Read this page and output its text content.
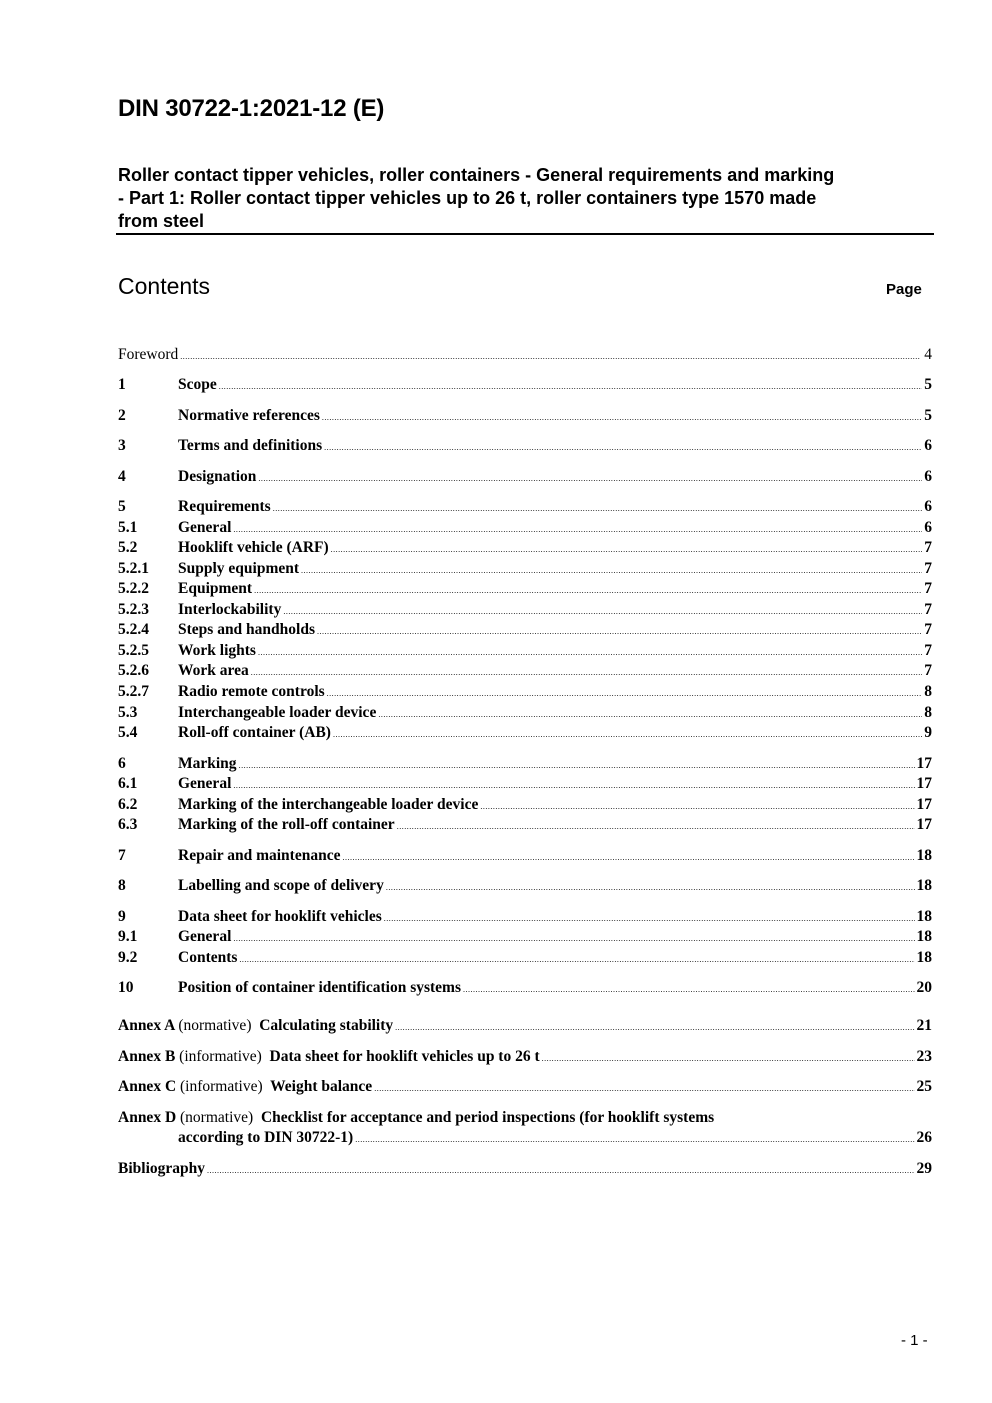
DIN 30722-1:2021-12 (E)
Roller contact tipper vehicles, roller containers - General requirements and marking
- Part 1: Roller contact tipper vehicles up to 26 t, roller containers type 1570 made
from steel
Contents	Page
Foreword .....	4
1	Scope .....	5
2	Normative references .....	5
3	Terms and definitions .....	6
4	Designation .....	6
5	Requirements .....	6
5.1	General .....	6
5.2	Hooklift vehicle (ARF) .....	7
5.2.1 Supply equipment .....	7
5.2.2 Equipment .....	7
5.2.3 Interlockability .....	7
5.2.4 Steps and handholds .....	7
5.2.5 Work lights .....	7
5.2.6 Work area .....	7
5.2.7 Radio remote controls .....	8
5.3	Interchangeable loader device .....	8
5.4	Roll-off container (AB) .....	9
6	Marking .....	17
6.1	General .....	17
6.2	Marking of the interchangeable loader device .....	17
6.3	Marking of the roll-off container .....	17
7	Repair and maintenance .....	18
8	Labelling and scope of delivery .....	18
9	Data sheet for hooklift vehicles .....	18
9.1	General .....	18
9.2	Contents .....	18
10	Position of container identification systems .....	20
Annex A (normative) Calculating stability .....	21
Annex B (informative) Data sheet for hooklift vehicles up to 26 t .....	23
Annex C (informative) Weight balance .....	25
Annex D (normative) Checklist for acceptance and period inspections (for hooklift systems
according to DIN 30722-1) .....	26
Bibliography .....	29
- 1 -
